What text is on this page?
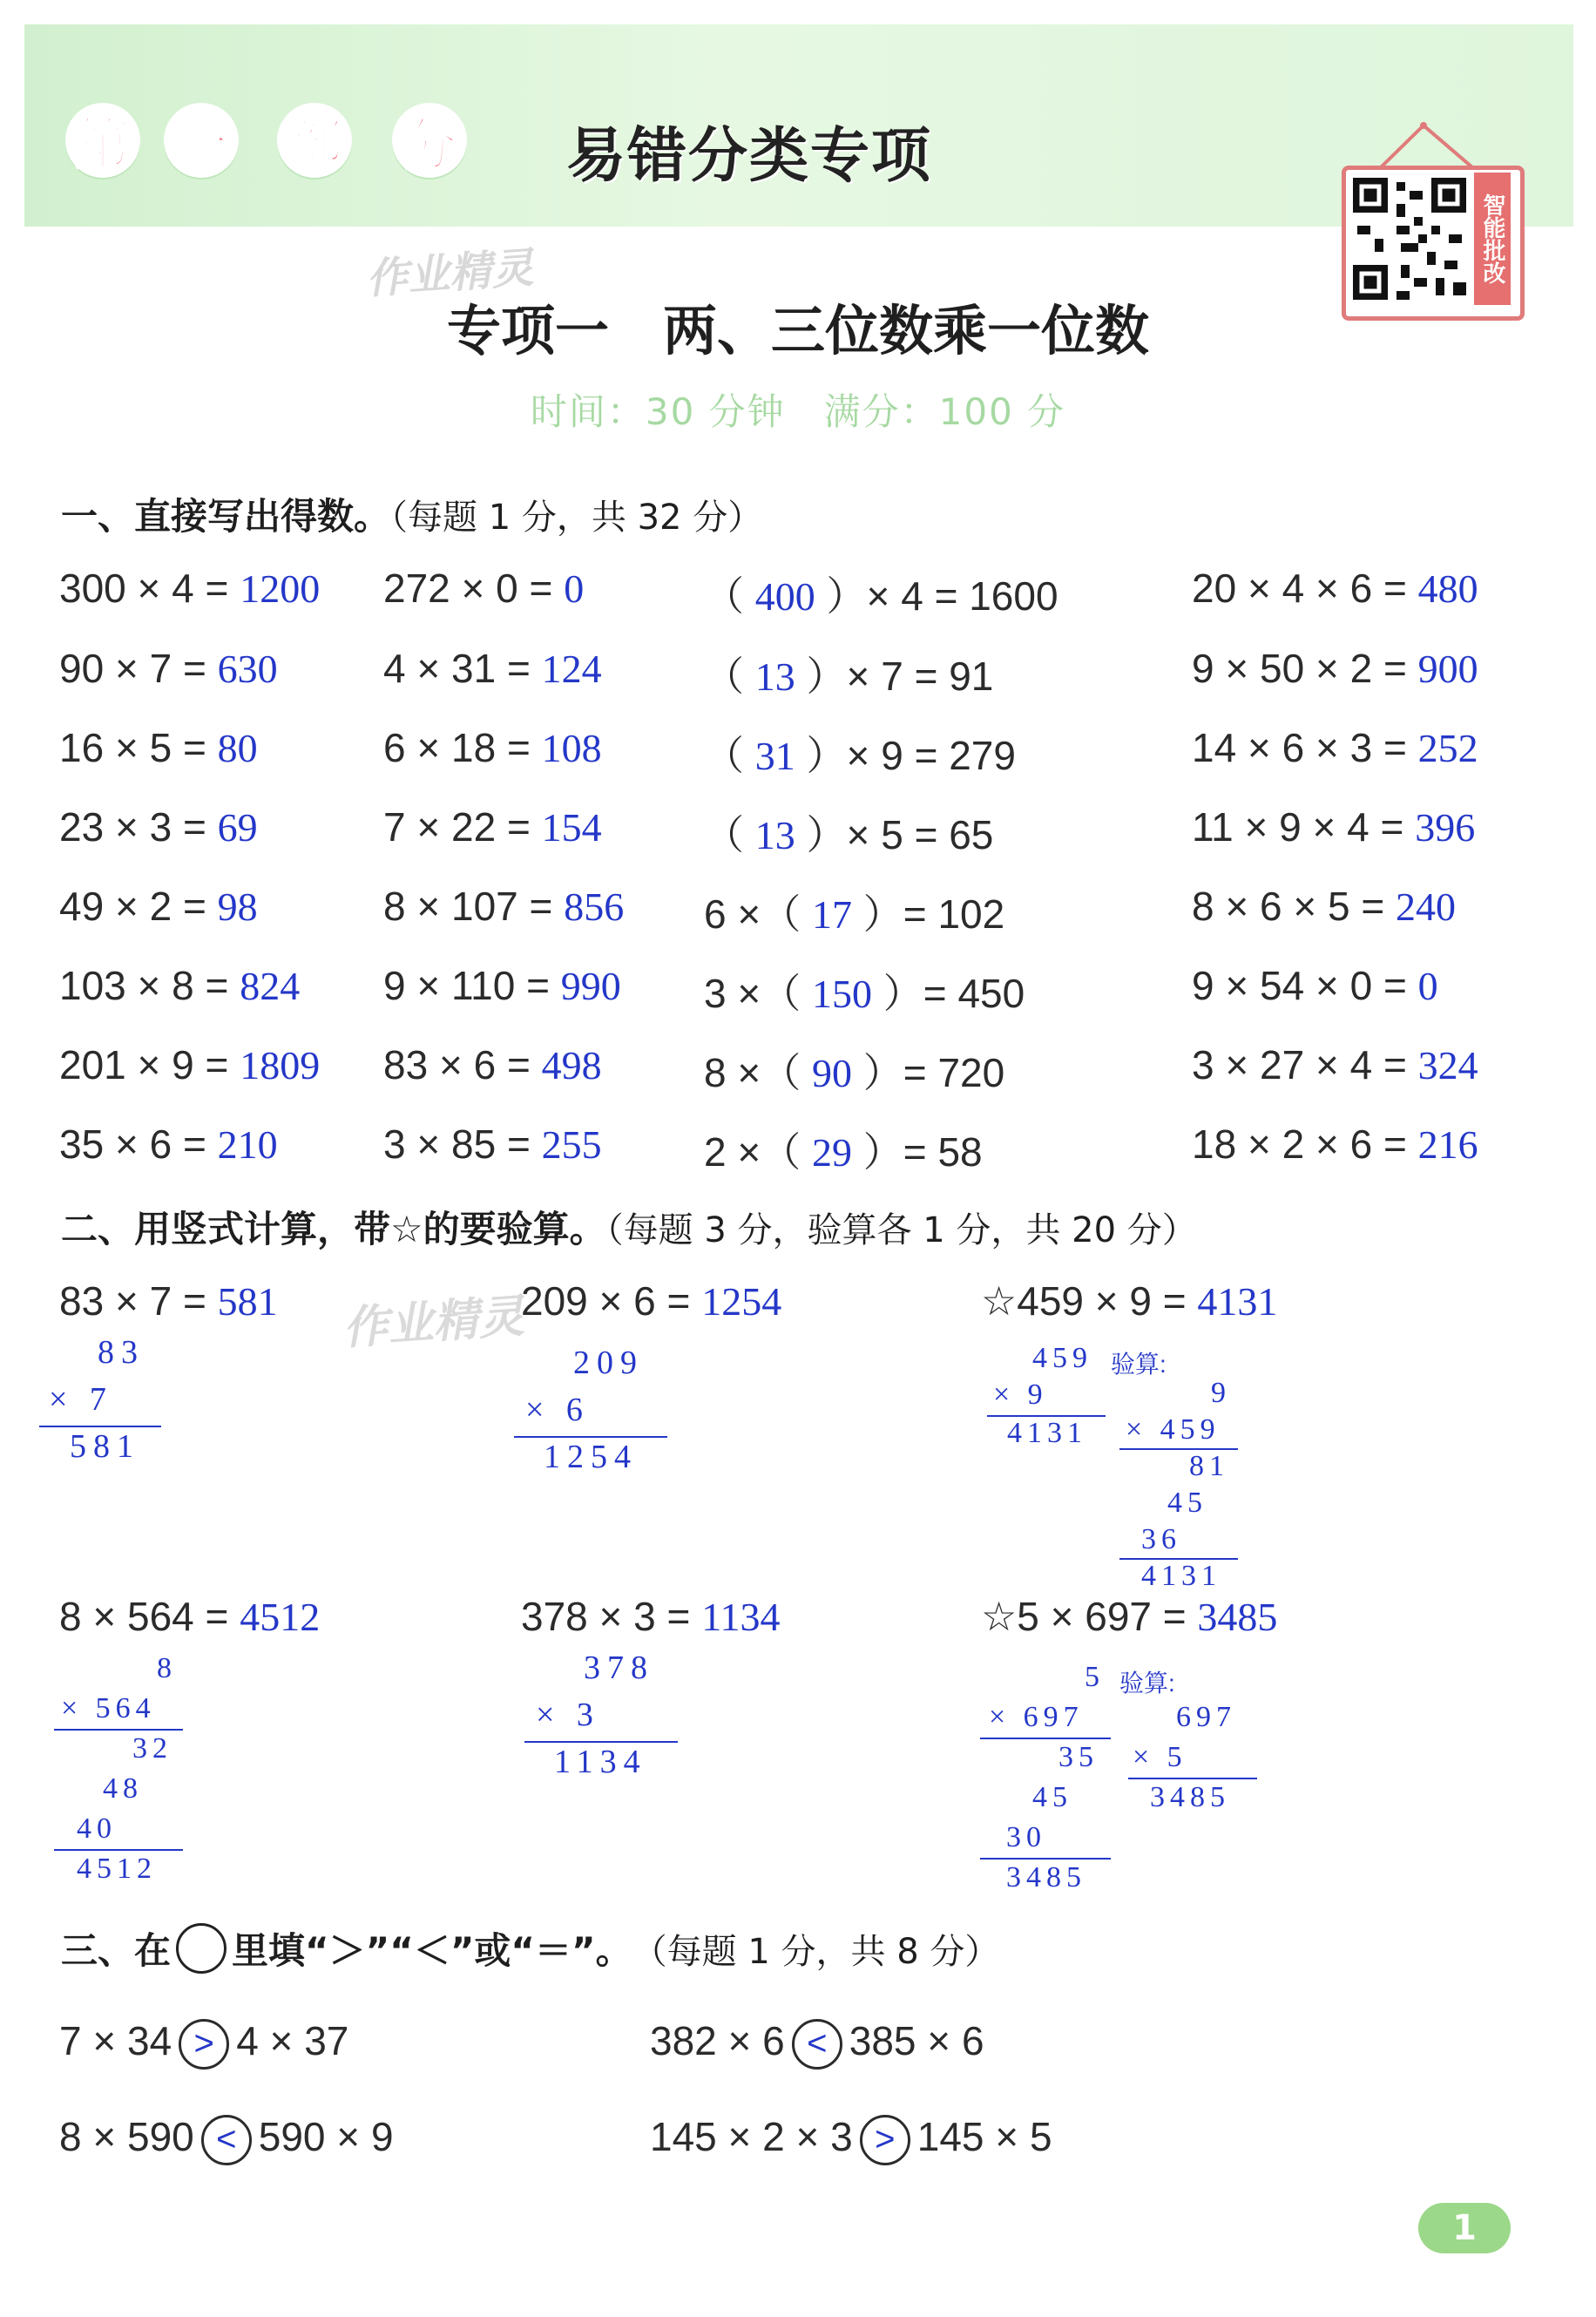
第 一 部 分 易错分类专项
智能批改
作业精灵
专项一　两、三位数乘一位数
时间：30 分钟　满分：100 分
一、直接写出得数。（每题 1 分，共 32 分）
300 × 4 = 1200
90 × 7 = 630
16 × 5 = 80
23 × 3 = 69
49 × 2 = 98
103 × 8 = 824
201 × 9 = 1809
35 × 6 = 210
272 × 0 = 0
4 × 31 = 124
6 × 18 = 108
7 × 22 = 154
8 × 107 = 856
9 × 110 = 990
83 × 6 = 498
3 × 85 = 255
（ 400 ）× 4 = 1600
（ 13 ）× 7 = 91
（ 31 ）× 9 = 279
（ 13 ）× 5 = 65
6 ×（ 17 ）= 102
3 ×（ 150 ）= 450
8 ×（ 90 ）= 720
2 ×（ 29 ）= 58
20 × 4 × 6 = 480
9 × 50 × 2 = 900
14 × 6 × 3 = 252
11 × 9 × 4 = 396
8 × 6 × 5 = 240
9 × 54 × 0 = 0
3 × 27 × 4 = 324
18 × 2 × 6 = 216
二、用竖式计算，带☆的要验算。（每题 3 分，验算各 1 分，共 20 分）
作业精灵
83 × 7 = 581
83
× 7
581
209 × 6 = 1254
209
× 6
1254
☆459 × 9 = 4131
459 验算:
× 9
4131
9
× 459
81
45
36
4131
8 × 564 = 4512
8
× 564
32
48
40
4512
378 × 3 = 1134
378
× 3
1134
☆5 × 697 = 3485
5 验算:
× 697
35
45
30
3485
697
× 5
3485
三、在 里填“＞”“＜”或“＝”。 （每题 1 分，共 8 分）
7 × 34 > 4 × 37	382 × 6 < 385 × 6
8 × 590 < 590 × 9	145 × 2 × 3 > 145 × 5
1
